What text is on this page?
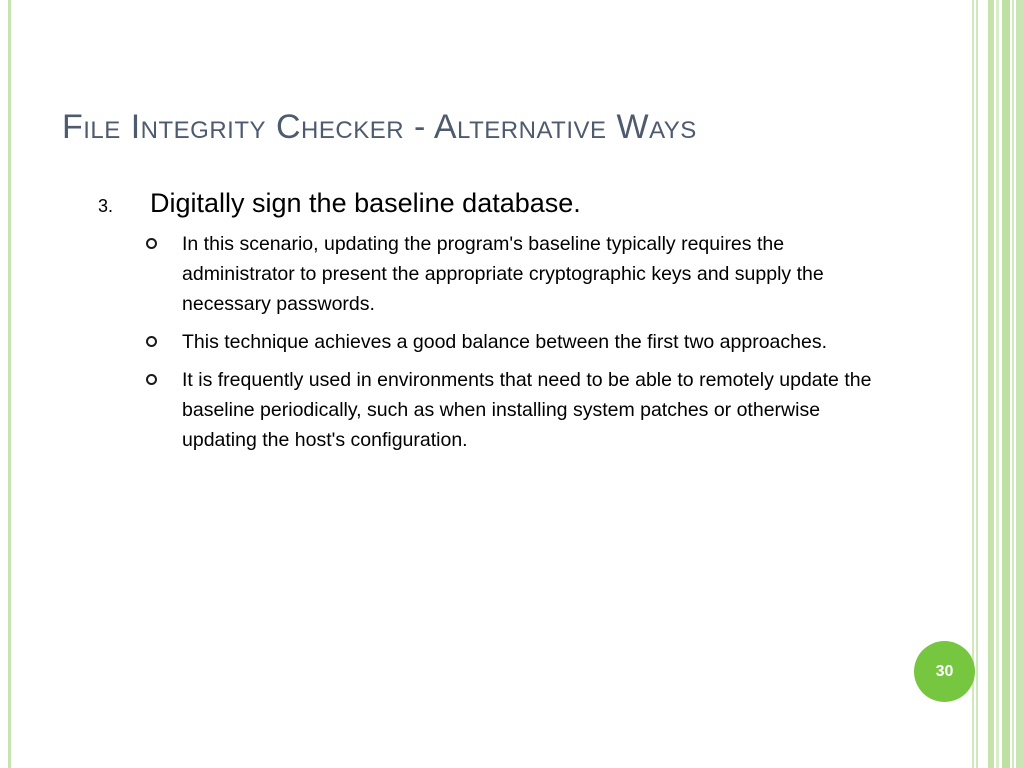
File Integrity Checker - Alternative Ways
3.	Digitally sign the baseline database.
In this scenario, updating the program's baseline typically requires the administrator to present the appropriate cryptographic keys and supply the necessary passwords.
This technique achieves a good balance between the first two approaches.
It is frequently used in environments that need to be able to remotely update the baseline periodically, such as when installing system patches or otherwise updating the host's configuration.
30
